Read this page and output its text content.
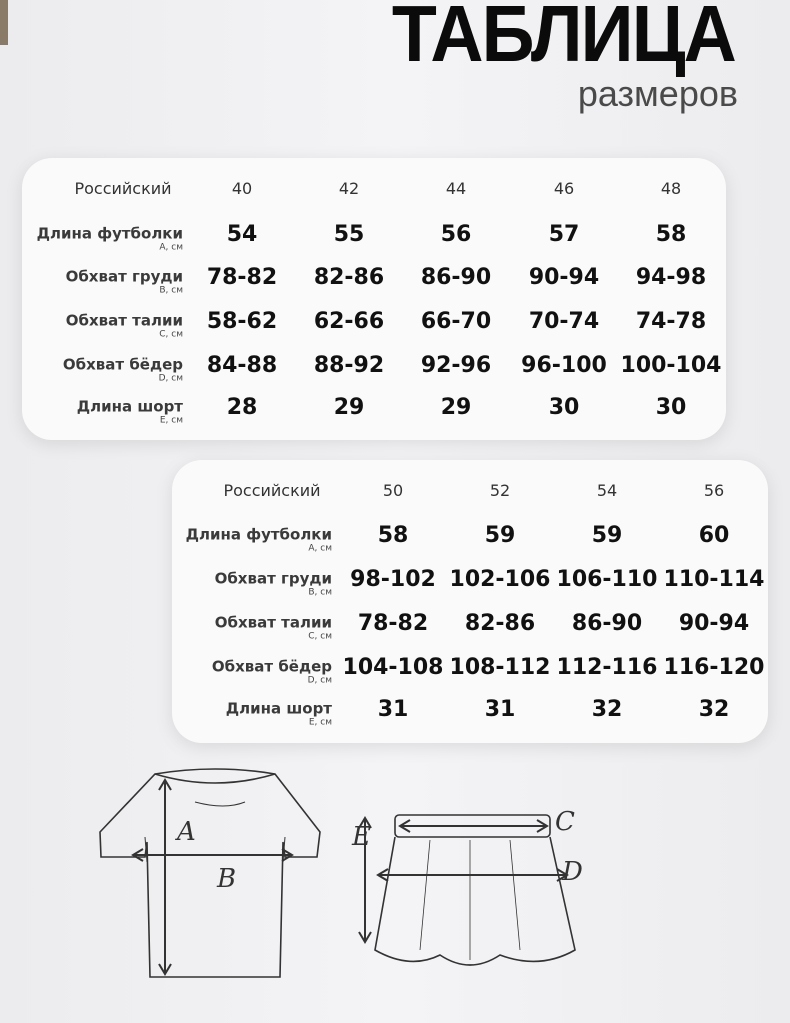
ТАБЛИЦА
размеров
Российский	40	42	44	46	48
Длина футболки
A, см
54	55	56	57	58
Обхват груди
B, см
78-82 82-86 86-90 90-94 94-98
Обхват талии
C, см
58-62 62-66 66-70 70-74 74-78
Обхват бёдер
D, см
84-88 88-92 92-96 96-100 100-104
Длина шорт
E, см
28	29	29	30	30
Российский	50	52	54	56
Длина футболки
A, см
58	59	59	60
Обхват груди
B, см
98-102 102-106 106-110 110-114
Обхват талии
C, см
78-82 82-86 86-90 90-94
Обхват бёдер
D, см
104-108 108-112 112-116 116-120
Длина шорт
E, см
31	31	32	32
A
B
C
D
E
